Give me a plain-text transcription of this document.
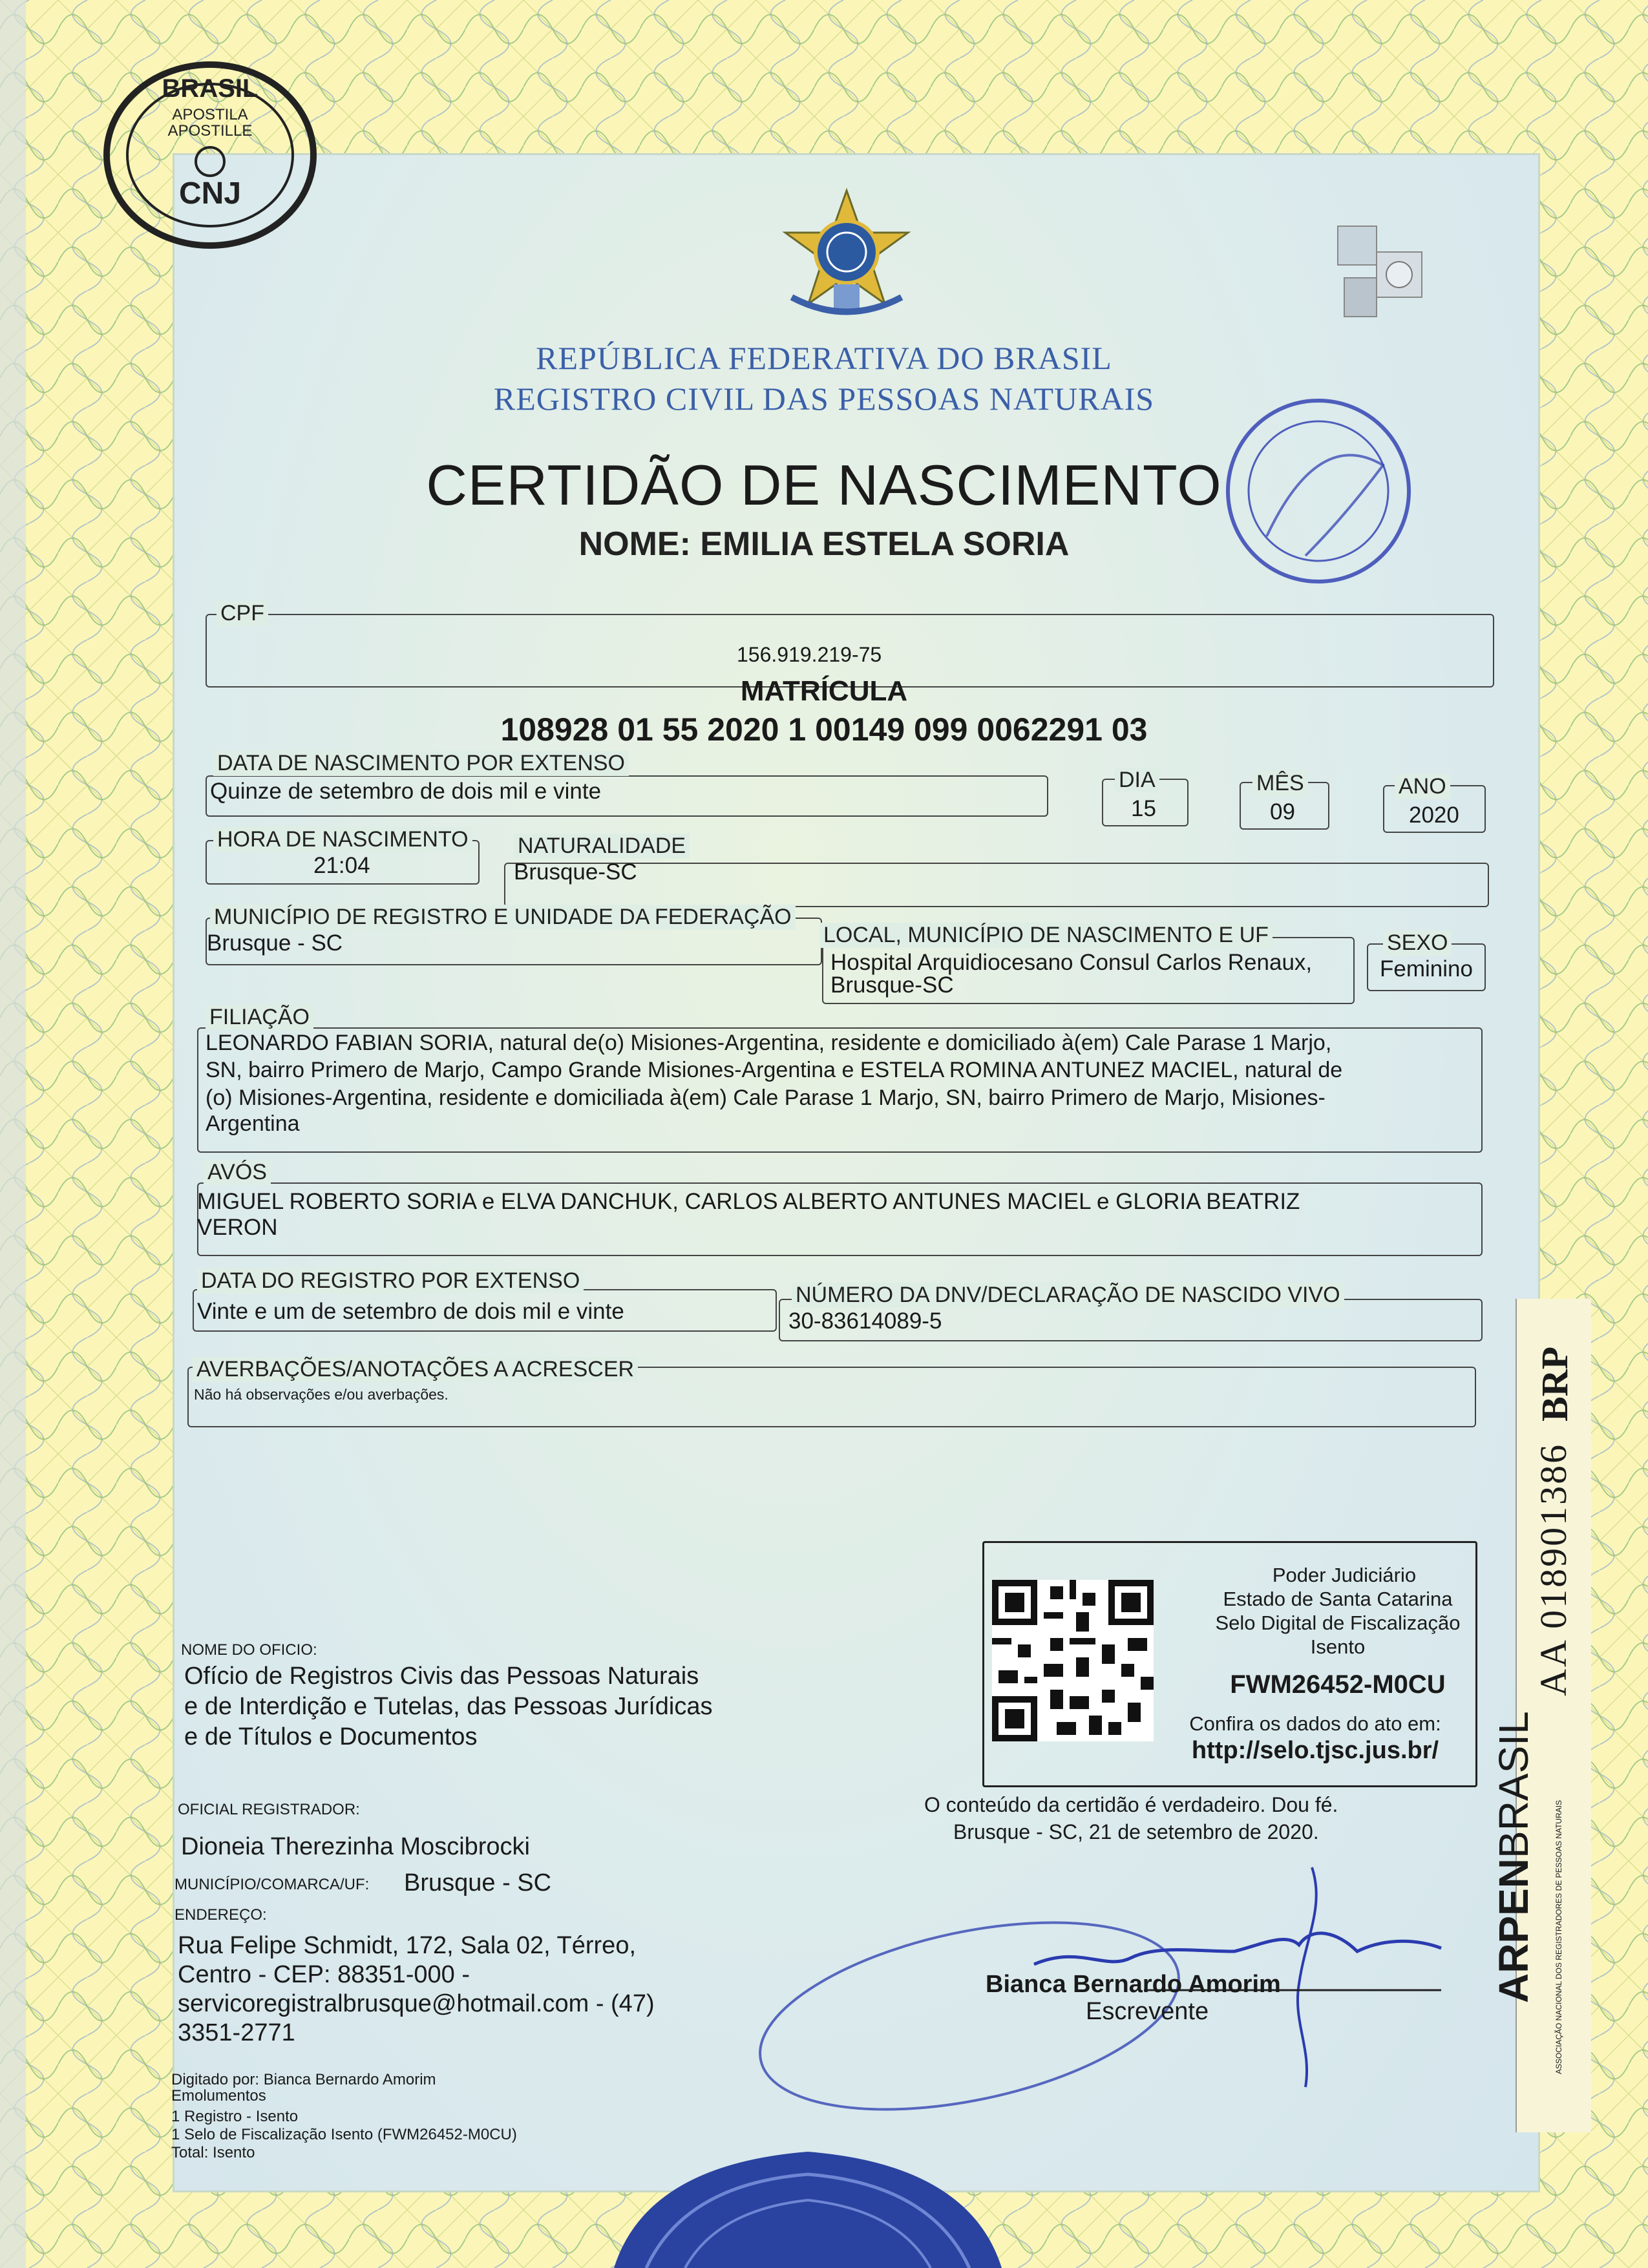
BRASIL
APOSTILA
APOSTILLE
CNJ
REPÚBLICA FEDERATIVA DO BRASIL
REGISTRO CIVIL DAS PESSOAS NATURAIS
CERTIDÃO DE NASCIMENTO
NOME: EMILIA ESTELA SORIA
CPF
156.919.219-75
MATRÍCULA
108928 01 55 2020 1 00149 099 0062291 03
DATA DE NASCIMENTO POR EXTENSO
Quinze de setembro de dois mil e vinte	DIA
15
MÊS
09
ANO
2020
HORA DE NASCIMENTO
21:04
NATURALIDADE
Brusque-SC
MUNICÍPIO DE REGISTRO E UNIDADE DA FEDERAÇÃO
Brusque - SC	LOCAL, MUNICÍPIO DE NASCIMENTO E UF
Hospital Arquidiocesano Consul Carlos Renaux,
Brusque-SC
SEXO
Feminino
FILIAÇÃO
LEONARDO FABIAN SORIA, natural de(o) Misiones-Argentina, residente e domiciliado à(em) Cale Parase 1 Marjo,
SN, bairro Primero de Marjo, Campo Grande Misiones-Argentina e ESTELA ROMINA ANTUNEZ MACIEL, natural de
(o) Misiones-Argentina, residente e domiciliada à(em) Cale Parase 1 Marjo, SN, bairro Primero de Marjo, Misiones-
Argentina
AVÓS
MIGUEL ROBERTO SORIA e ELVA DANCHUK, CARLOS ALBERTO ANTUNES MACIEL e GLORIA BEATRIZ
VERON
DATA DO REGISTRO POR EXTENSO
Vinte e um de setembro de dois mil e vinte
NÚMERO DA DNV/DECLARAÇÃO DE NASCIDO VIVO
30-83614089-5
AVERBAÇÕES/ANOTAÇÕES A ACRESCER
Não há observações e/ou averbações.
Poder Judiciário
Estado de Santa Catarina
Selo Digital de Fiscalização
Isento
FWM26452-M0CU
Confira os dados do ato em:
http://selo.tjsc.jus.br/
NOME DO OFICIO:
Ofício de Registros Civis das Pessoas Naturais
e de Interdição e Tutelas, das Pessoas Jurídicas
e de Títulos e Documentos
OFICIAL REGISTRADOR:
Dioneia Therezinha Moscibrocki
MUNICÍPIO/COMARCA/UF: Brusque - SC
ENDEREÇO:
Rua Felipe Schmidt, 172, Sala 02, Térreo,
Centro - CEP: 88351-000 -
servicoregistralbrusque@hotmail.com - (47)
3351-2771
O conteúdo da certidão é verdadeiro. Dou fé.
Brusque - SC, 21 de setembro de 2020.
Bianca Bernardo Amorim
Escrevente
Digitado por: Bianca Bernardo Amorim
Emolumentos
1 Registro - Isento
1 Selo de Fiscalização Isento (FWM26452-M0CU)
Total: Isento
ARPENBRASIL
ASSOCIAÇÃO NACIONAL DOS REGISTRADORES DE PESSOAS NATURAIS
AA 018901386
BRP
